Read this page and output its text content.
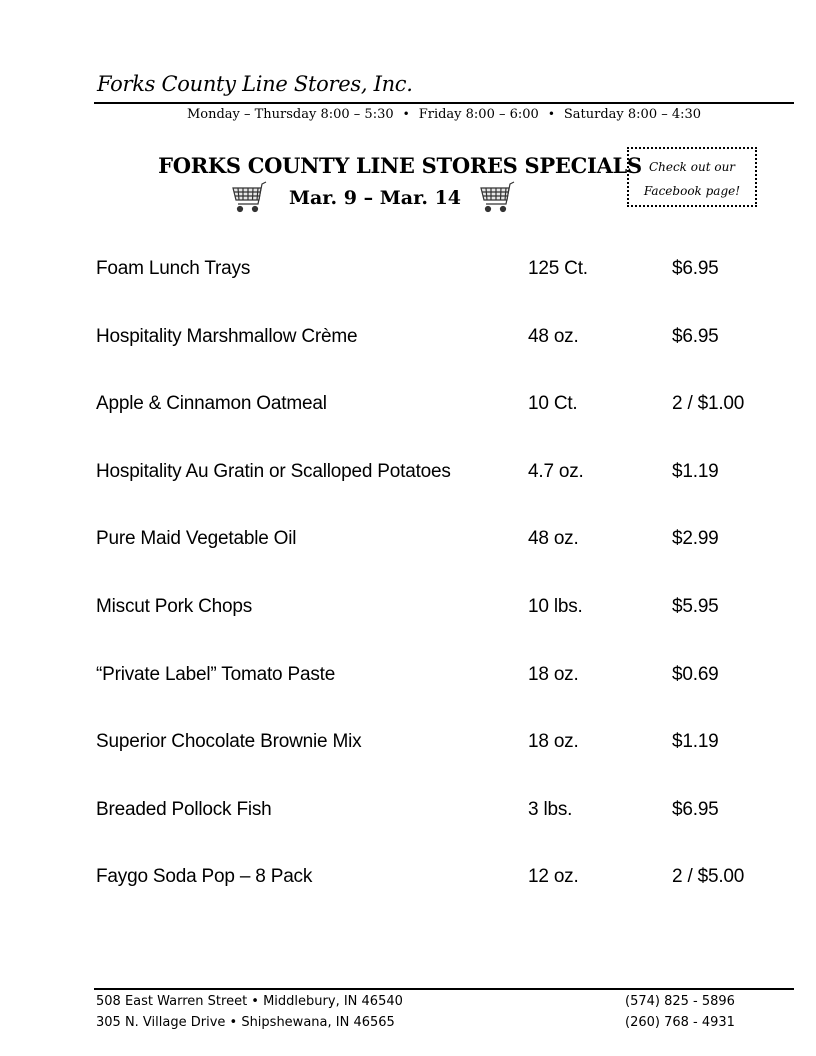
Forks County Line Stores, Inc.
Monday – Thursday 8:00 – 5:30 • Friday 8:00 – 6:00 • Saturday 8:00 – 4:30
FORKS COUNTY LINE STORES SPECIALS
Mar. 9 – Mar. 14
Check out our
Facebook page!
Foam Lunch Trays	125 Ct.	$6.95
Hospitality Marshmallow Crème	48 oz.	$6.95
Apple & Cinnamon Oatmeal	10 Ct.	2 / $1.00
Hospitality Au Gratin or Scalloped Potatoes	4.7 oz.	$1.19
Pure Maid Vegetable Oil	48 oz.	$2.99
Miscut Pork Chops	10 lbs.	$5.95
“Private Label” Tomato Paste	18 oz.	$0.69
Superior Chocolate Brownie Mix	18 oz.	$1.19
Breaded Pollock Fish	3 lbs.	$6.95
Faygo Soda Pop – 8 Pack	12 oz.	2 / $5.00
508 East Warren Street • Middlebury, IN 46540
305 N. Village Drive • Shipshewana, IN 46565
(574) 825 - 5896
(260) 768 - 4931
